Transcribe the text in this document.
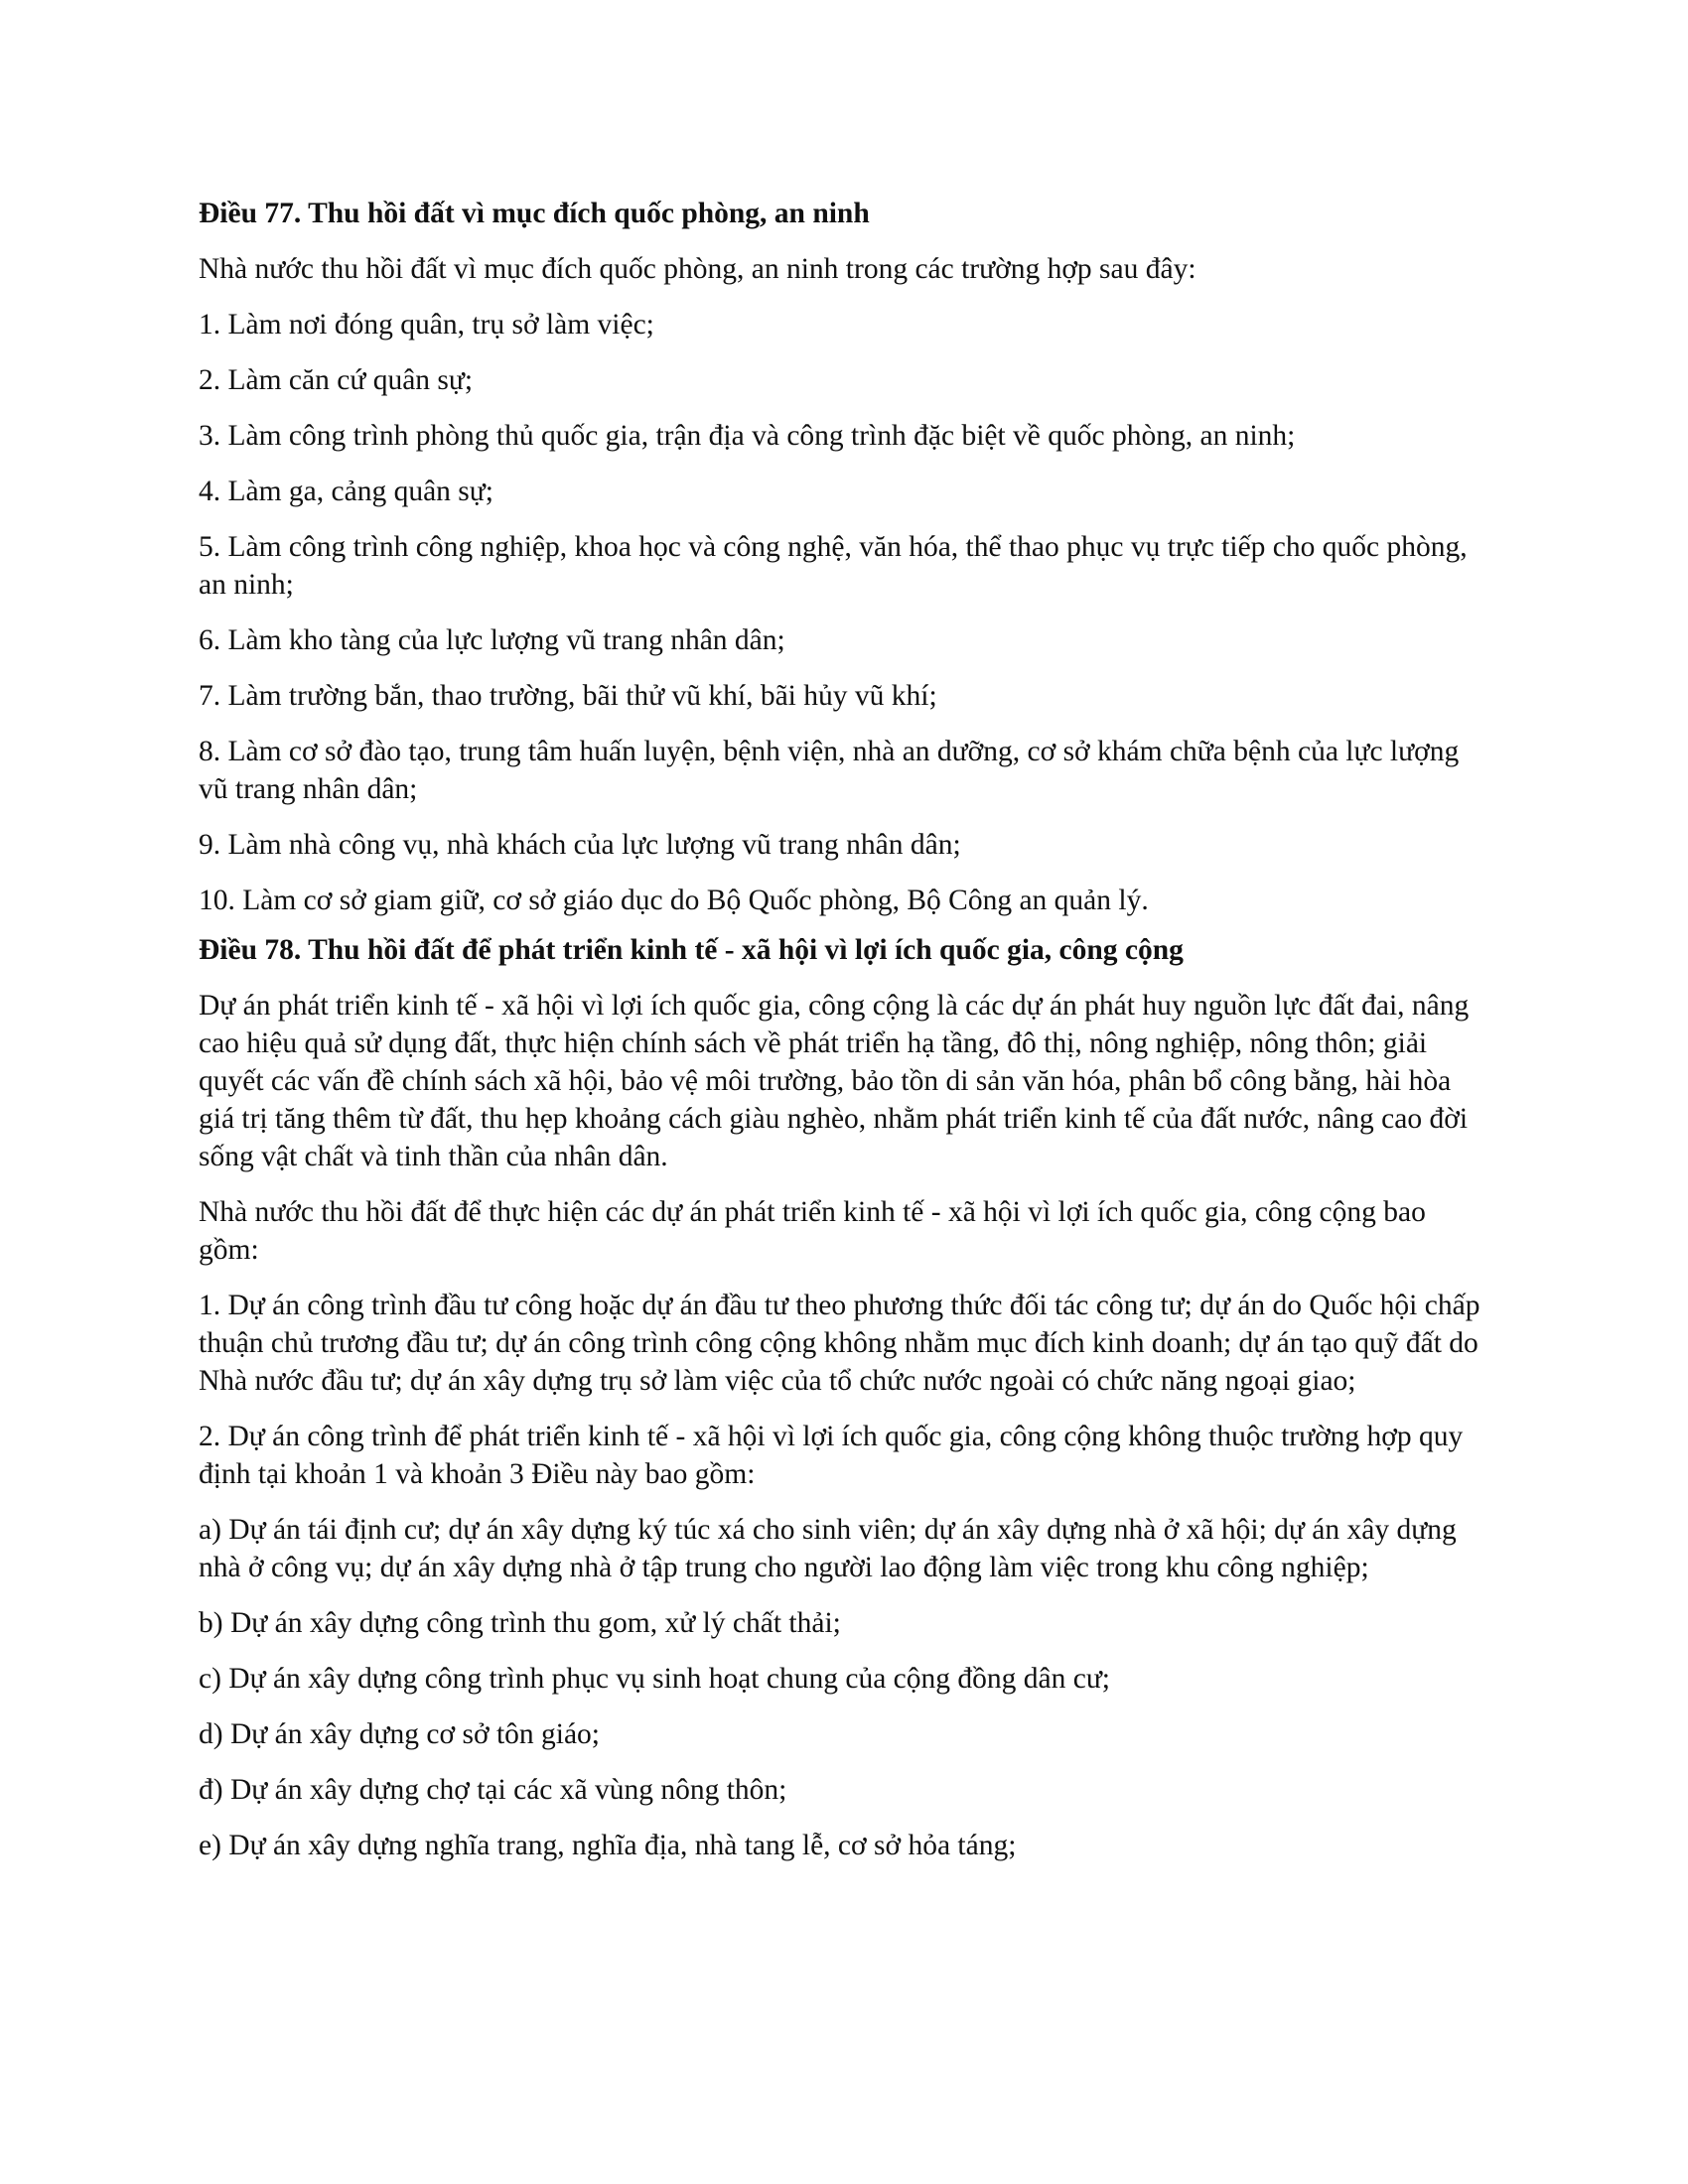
Điều 77. Thu hồi đất vì mục đích quốc phòng, an ninh
Nhà nước thu hồi đất vì mục đích quốc phòng, an ninh trong các trường hợp sau đây:
1. Làm nơi đóng quân, trụ sở làm việc;
2. Làm căn cứ quân sự;
3. Làm công trình phòng thủ quốc gia, trận địa và công trình đặc biệt về quốc phòng, an ninh;
4. Làm ga, cảng quân sự;
5. Làm công trình công nghiệp, khoa học và công nghệ, văn hóa, thể thao phục vụ trực tiếp cho quốc phòng, an ninh;
6. Làm kho tàng của lực lượng vũ trang nhân dân;
7. Làm trường bắn, thao trường, bãi thử vũ khí, bãi hủy vũ khí;
8. Làm cơ sở đào tạo, trung tâm huấn luyện, bệnh viện, nhà an dưỡng, cơ sở khám chữa bệnh của lực lượng vũ trang nhân dân;
9. Làm nhà công vụ, nhà khách của lực lượng vũ trang nhân dân;
10. Làm cơ sở giam giữ, cơ sở giáo dục do Bộ Quốc phòng, Bộ Công an quản lý.
Điều 78. Thu hồi đất để phát triển kinh tế - xã hội vì lợi ích quốc gia, công cộng
Dự án phát triển kinh tế - xã hội vì lợi ích quốc gia, công cộng là các dự án phát huy nguồn lực đất đai, nâng cao hiệu quả sử dụng đất, thực hiện chính sách về phát triển hạ tầng, đô thị, nông nghiệp, nông thôn; giải quyết các vấn đề chính sách xã hội, bảo vệ môi trường, bảo tồn di sản văn hóa, phân bổ công bằng, hài hòa giá trị tăng thêm từ đất, thu hẹp khoảng cách giàu nghèo, nhằm phát triển kinh tế của đất nước, nâng cao đời sống vật chất và tinh thần của nhân dân.
Nhà nước thu hồi đất để thực hiện các dự án phát triển kinh tế - xã hội vì lợi ích quốc gia, công cộng bao gồm:
1. Dự án công trình đầu tư công hoặc dự án đầu tư theo phương thức đối tác công tư; dự án do Quốc hội chấp thuận chủ trương đầu tư; dự án công trình công cộng không nhằm mục đích kinh doanh; dự án tạo quỹ đất do Nhà nước đầu tư; dự án xây dựng trụ sở làm việc của tổ chức nước ngoài có chức năng ngoại giao;
2. Dự án công trình để phát triển kinh tế - xã hội vì lợi ích quốc gia, công cộng không thuộc trường hợp quy định tại khoản 1 và khoản 3 Điều này bao gồm:
a) Dự án tái định cư; dự án xây dựng ký túc xá cho sinh viên; dự án xây dựng nhà ở xã hội; dự án xây dựng nhà ở công vụ; dự án xây dựng nhà ở tập trung cho người lao động làm việc trong khu công nghiệp;
b) Dự án xây dựng công trình thu gom, xử lý chất thải;
c) Dự án xây dựng công trình phục vụ sinh hoạt chung của cộng đồng dân cư;
d) Dự án xây dựng cơ sở tôn giáo;
đ) Dự án xây dựng chợ tại các xã vùng nông thôn;
e) Dự án xây dựng nghĩa trang, nghĩa địa, nhà tang lễ, cơ sở hỏa táng;
